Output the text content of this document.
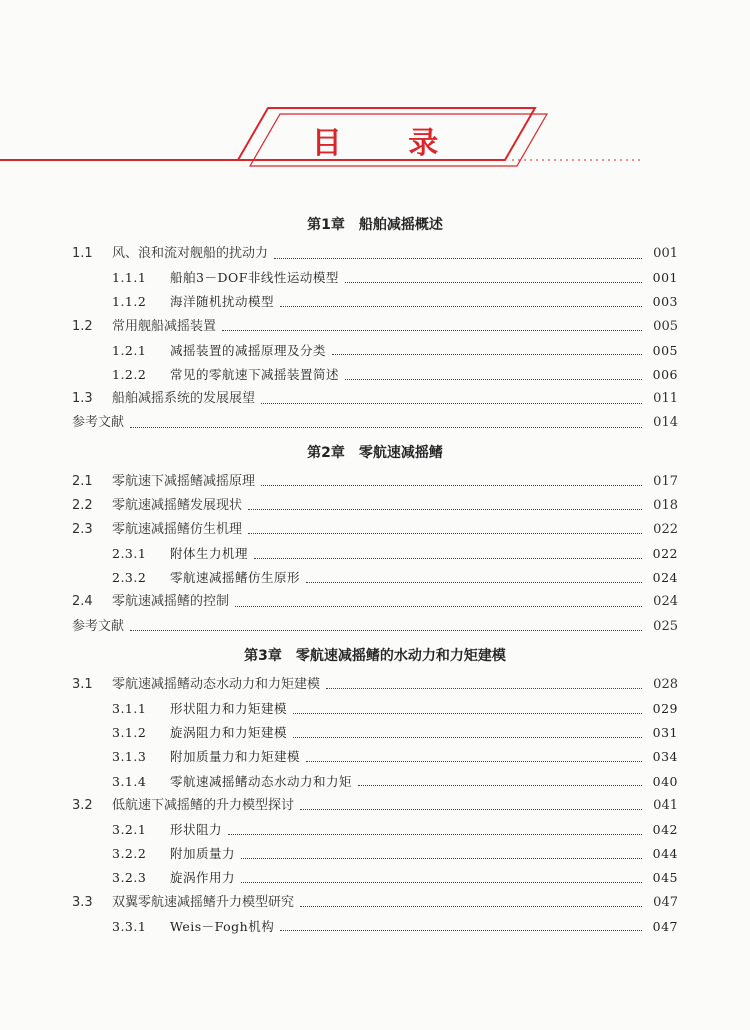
目 录
第1章 船舶减摇概述
1.1	风、浪和流对舰船的扰动力	001
1.1.1	船舶3－DOF非线性运动模型	001
1.1.2	海洋随机扰动模型	003
1.2	常用舰船减摇装置	005
1.2.1	减摇装置的减摇原理及分类	005
1.2.2	常见的零航速下减摇装置简述	006
1.3	船舶减摇系统的发展展望	011
参考文献	014
第2章 零航速减摇鳍
2.1	零航速下减摇鳍减摇原理	017
2.2	零航速减摇鳍发展现状	018
2.3	零航速减摇鳍仿生机理	022
2.3.1	附体生力机理	022
2.3.2	零航速减摇鳍仿生原形	024
2.4	零航速减摇鳍的控制	024
参考文献	025
第3章 零航速减摇鳍的水动力和力矩建模
3.1	零航速减摇鳍动态水动力和力矩建模	028
3.1.1	形状阻力和力矩建模	029
3.1.2	旋涡阻力和力矩建模	031
3.1.3	附加质量力和力矩建模	034
3.1.4	零航速减摇鳍动态水动力和力矩	040
3.2	低航速下减摇鳍的升力模型探讨	041
3.2.1	形状阻力	042
3.2.2	附加质量力	044
3.2.3	旋涡作用力	045
3.3	双翼零航速减摇鳍升力模型研究	047
3.3.1	Weis－Fogh机构	047
